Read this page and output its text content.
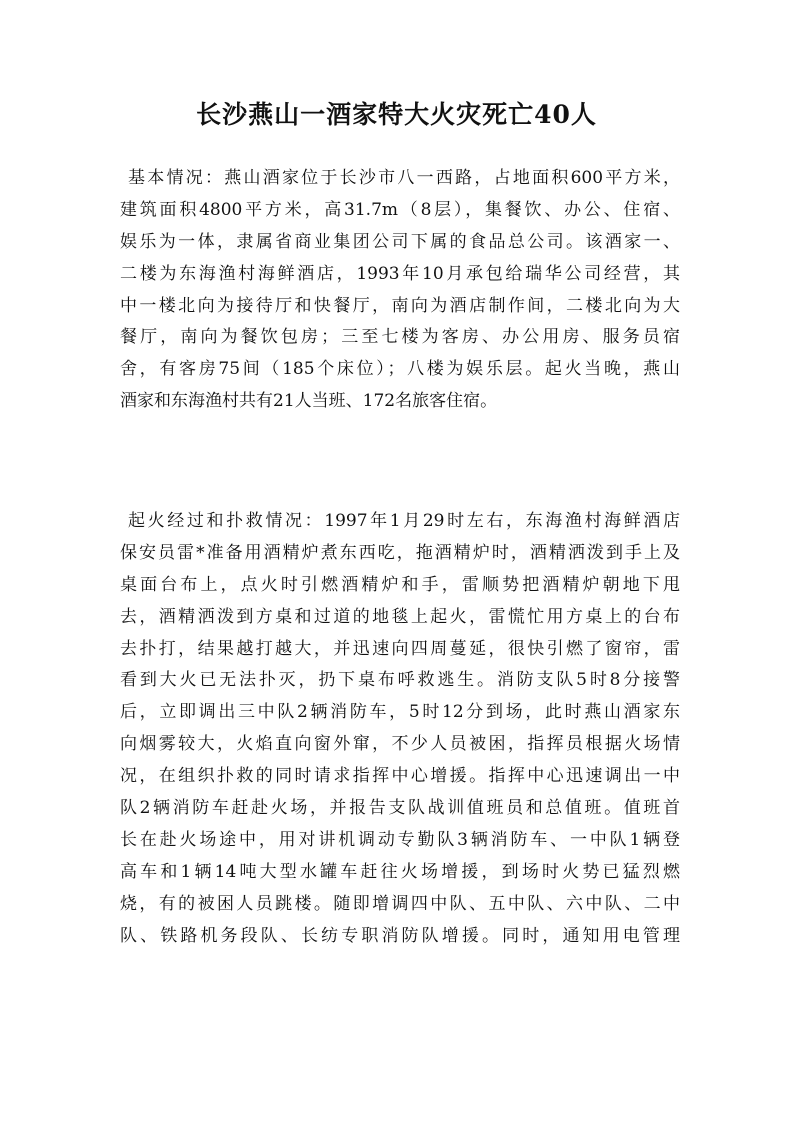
长沙燕山一酒家特大火灾死亡40人
基本情况：燕山酒家位于长沙市八一西路，占地面积600平方米，
建筑面积4800平方米，高31.7m（8层），集餐饮、办公、住宿、
娱乐为一体，隶属省商业集团公司下属的食品总公司。该酒家一、
二楼为东海渔村海鲜酒店，1993年10月承包给瑞华公司经营，其
中一楼北向为接待厅和快餐厅，南向为酒店制作间，二楼北向为大
餐厅，南向为餐饮包房；三至七楼为客房、办公用房、服务员宿
舍，有客房75间（185个床位）；八楼为娱乐层。起火当晚，燕山
酒家和东海渔村共有21人当班、172名旅客住宿。
起火经过和扑救情况：1997年1月29时左右，东海渔村海鲜酒店
保安员雷*准备用酒精炉煮东西吃，拖酒精炉时，酒精洒泼到手上及
桌面台布上，点火时引燃酒精炉和手，雷顺势把酒精炉朝地下甩
去，酒精洒泼到方桌和过道的地毯上起火，雷慌忙用方桌上的台布
去扑打，结果越打越大，并迅速向四周蔓延，很快引燃了窗帘，雷
看到大火已无法扑灭，扔下桌布呼救逃生。消防支队5时8分接警
后，立即调出三中队2辆消防车，5时12分到场，此时燕山酒家东
向烟雾较大，火焰直向窗外窜，不少人员被困，指挥员根据火场情
况，在组织扑救的同时请求指挥中心增援。指挥中心迅速调出一中
队2辆消防车赶赴火场，并报告支队战训值班员和总值班。值班首
长在赴火场途中，用对讲机调动专勤队3辆消防车、一中队1辆登
高车和1辆14吨大型水罐车赶往火场增援，到场时火势已猛烈燃
烧，有的被困人员跳楼。随即增调四中队、五中队、六中队、二中
队、铁路机务段队、长纺专职消防队增援。同时，通知用电管理
